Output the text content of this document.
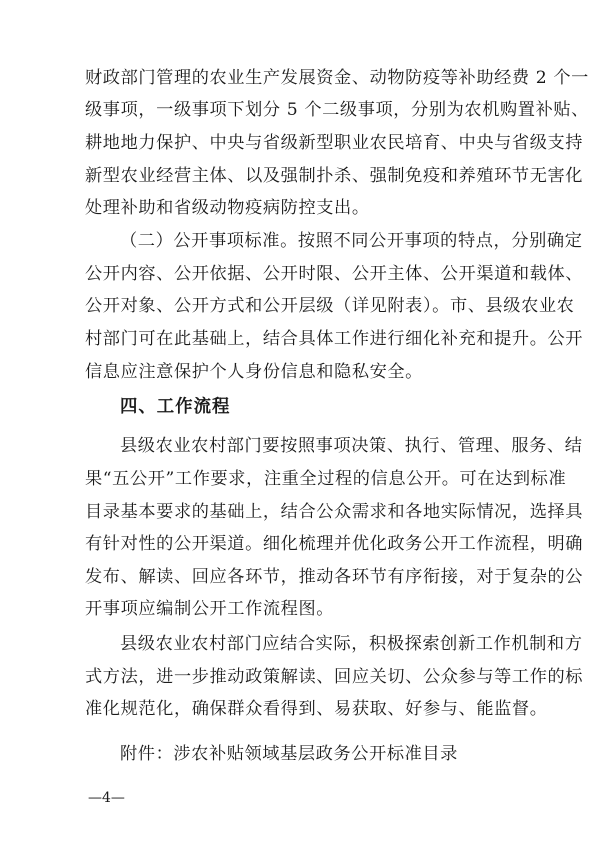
财政部门管理的农业生产发展资金、动物防疫等补助经费 2 个一
级事项，一级事项下划分 5 个二级事项，分别为农机购置补贴、
耕地地力保护、中央与省级新型职业农民培育、中央与省级支持
新型农业经营主体、以及强制扑杀、强制免疫和养殖环节无害化
处理补助和省级动物疫病防控支出。
（二）公开事项标准。按照不同公开事项的特点，分别确定
公开内容、公开依据、公开时限、公开主体、公开渠道和载体、
公开对象、公开方式和公开层级（详见附表）。市、县级农业农
村部门可在此基础上，结合具体工作进行细化补充和提升。公开
信息应注意保护个人身份信息和隐私安全。
四、工作流程
县级农业农村部门要按照事项决策、执行、管理、服务、结
果“五公开”工作要求，注重全过程的信息公开。可在达到标准
目录基本要求的基础上，结合公众需求和各地实际情况，选择具
有针对性的公开渠道。细化梳理并优化政务公开工作流程，明确
发布、解读、回应各环节，推动各环节有序衔接，对于复杂的公
开事项应编制公开工作流程图。
县级农业农村部门应结合实际，积极探索创新工作机制和方
式方法，进一步推动政策解读、回应关切、公众参与等工作的标
准化规范化，确保群众看得到、易获取、好参与、能监督。
附件：涉农补贴领域基层政务公开标准目录
—4—
